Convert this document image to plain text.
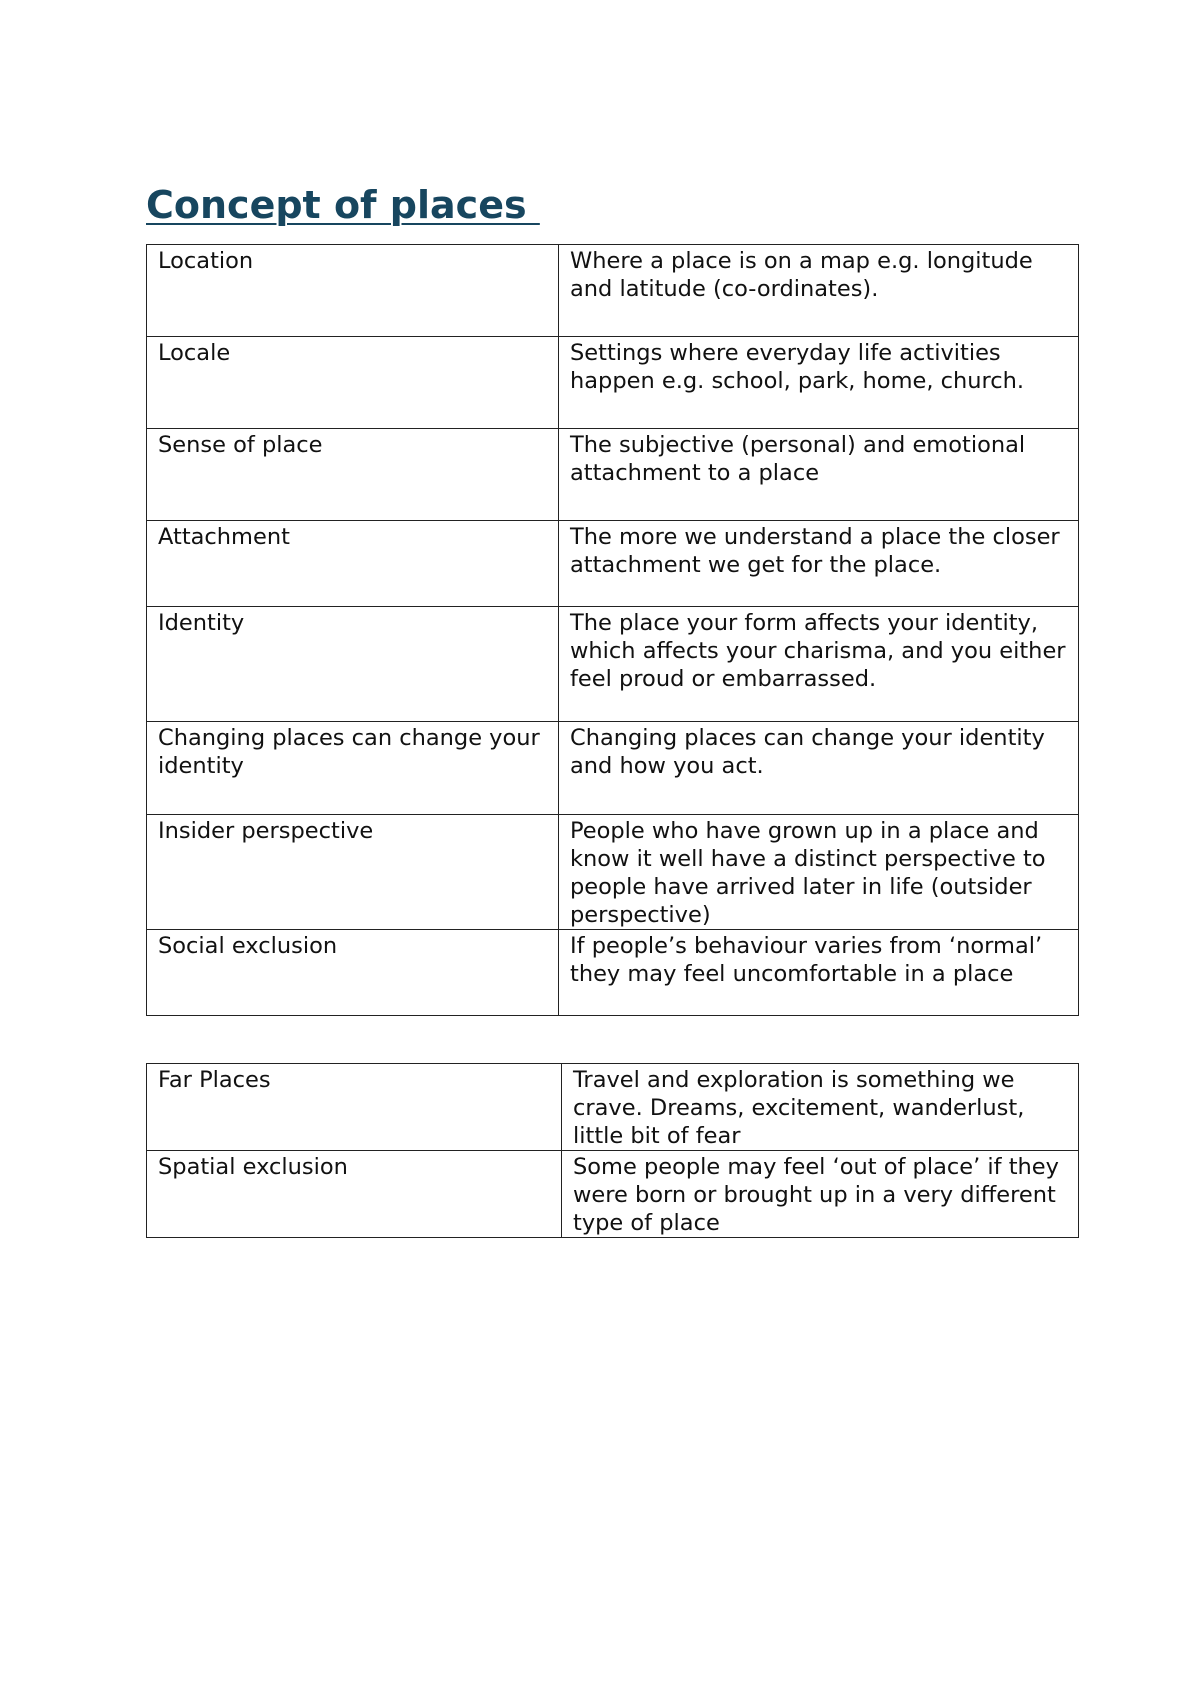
Concept of places
Location	Where a place is on a map e.g. longitude and latitude (co-ordinates).
Locale	Settings where everyday life activities happen e.g. school, park, home, church.
Sense of place	The subjective (personal) and emotional attachment to a place
Attachment	The more we understand a place the closer attachment we get for the place.
Identity	The place your form affects your identity, which affects your charisma, and you either feel proud or embarrassed.
Changing places can change your identity	Changing places can change your identity and how you act.
Insider perspective	People who have grown up in a place and know it well have a distinct perspective to people have arrived later in life (outsider perspective)
Social exclusion	If people’s behaviour varies from ‘normal’ they may feel uncomfortable in a place
Far Places	Travel and exploration is something we crave. Dreams, excitement, wanderlust, little bit of fear
Spatial exclusion	Some people may feel ‘out of place’ if they were born or brought up in a very different type of place
